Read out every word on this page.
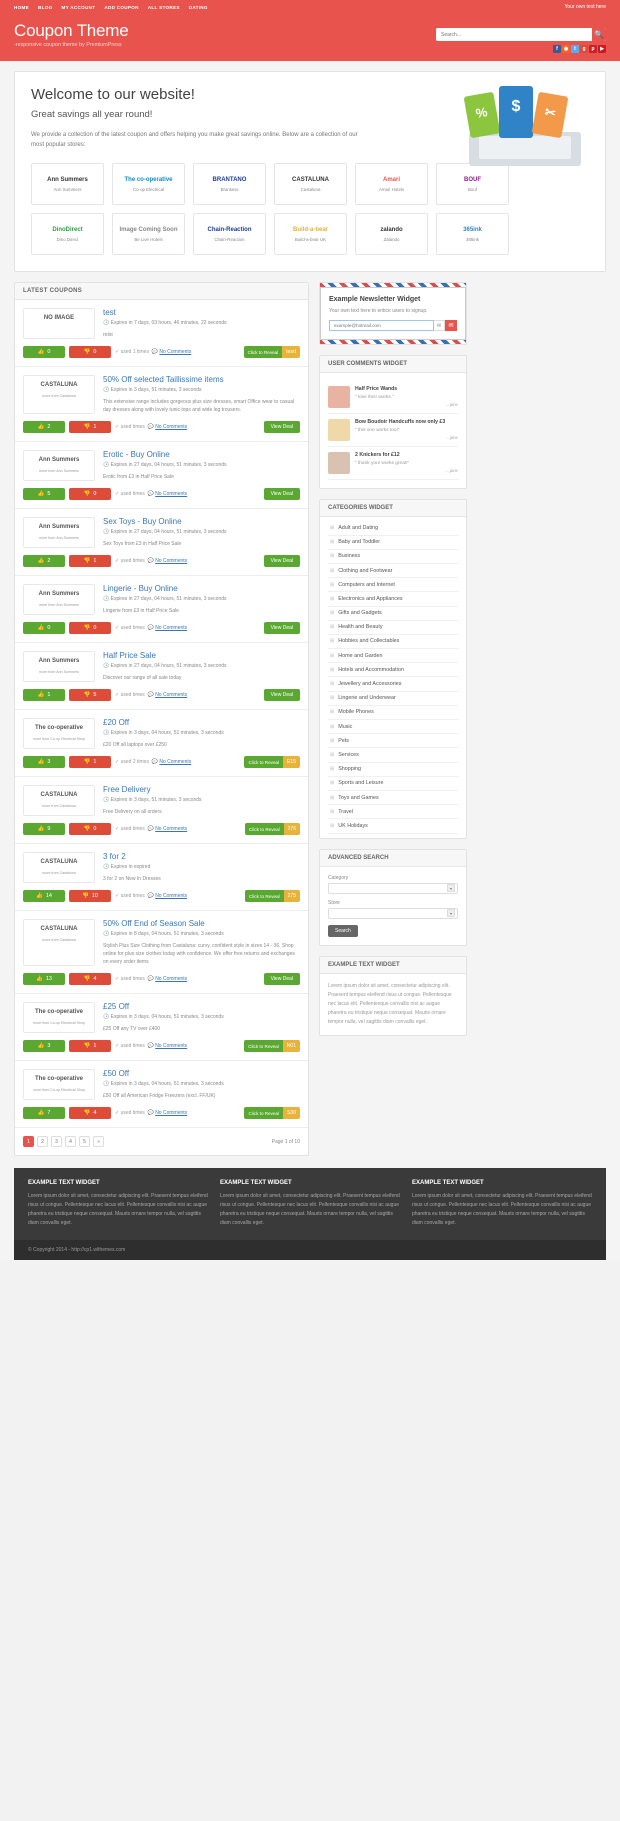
HOME BLOG MY ACCOUNT ADD COUPON ALL STORES DATING	Your own text here
Coupon Theme
-responsive coupon theme by PremiumPress
Search...
🔍
f	◉	t	g	p	▶
Welcome to our website!
Great savings all year round!

We provide a collection of the latest coupon and offers helping you make great savings online. Below are a collection of our most popular stores:

%	$	✂
Ann Summers
Ann Summers
The co-operative
Co-op Electrical
BRANTANO
Brantano
CASTALUNA
Castaluna
Amari
Amari Hotels
BOUF
Bouf
DinoDirect
Dino Direct
Image Coming Soon
Be Live Hotels
Chain-Reaction
Chain-Reaction
Build-a-bear
Build-a-bear UK
zalando
Zalando
365ink
365ink
LATEST COUPONS
NO IMAGE
test
🕓 Expires in 7 days, 03 hours, 46 minutes, 22 seconds
retst
👍 0	👎 0	✓ used 1 times  💬 No Comments	Click to Reveal	tesrt
CASTALUNA
more from Castaluna
50% Off selected Taillissime items
🕓 Expires in 3 days, 51 minutes, 3 seconds
This extensive range includes gorgeous plus size dresses, smart Office wear to casual day dresses along with lovely tunic tops and wide leg trousers.
👍 2	👎 1	✓ used times  💬 No Comments	View Deal
Ann Summers
more from Ann Summers
Erotic - Buy Online
🕓 Expires in 27 days, 04 hours, 51 minutes, 3 seconds
Erotic from £3 in Half Price Sale
👍 5	👎 0	✓ used times  💬 No Comments	View Deal
Ann Summers
more from Ann Summers
Sex Toys - Buy Online
🕓 Expires in 27 days, 04 hours, 51 minutes, 3 seconds
Sex Toys from £3 in Half Price Sale
👍 2	👎 1	✓ used times  💬 No Comments	View Deal
Ann Summers
more from Ann Summers
Lingerie - Buy Online
🕓 Expires in 27 days, 04 hours, 51 minutes, 3 seconds
Lingerie from £3 in Half Price Sale
👍 0	👎 0	✓ used times  💬 No Comments	View Deal
Ann Summers
more from Ann Summers
Half Price Sale
🕓 Expires in 27 days, 04 hours, 51 minutes, 3 seconds
Discover our range of all sale today
👍 1	👎 5	✓ used times  💬 No Comments	View Deal
The co-operative
more from Co-op Electrical Shop
£20 Off
🕓 Expires in 3 days, 04 hours, 51 minutes, 3 seconds
£20 Off all laptops over £250
👍 3	👎 1	✓ used 2 times  💬 No Comments	Click to Reveal	E15
CASTALUNA
more from Castaluna
Free Delivery
🕓 Expires in 3 days, 51 minutes, 3 seconds
Free Delivery on all orders
👍 9	👎 0	✓ used times  💬 No Comments	Click to Reveal	276
CASTALUNA
more from Castaluna
3 for 2
🕓 Expires in expired
3 for 2 on New In Dresses
👍 14	👎 10	✓ used times  💬 No Comments	Click to Reveal	275
CASTALUNA
more from Castaluna
50% Off End of Season Sale
🕓 Expires in 8 days, 04 hours, 51 minutes, 3 seconds
Stylish Plus Size Clothing from Castaluna: curvy, confident style in sizes 14 - 36. Shop online for plus size clothes today with confidence. We offer free returns and exchanges on every order items
👍 13	👎 4	✓ used times  💬 No Comments	View Deal
The co-operative
more from Co-op Electrical Shop
£25 Off
🕓 Expires in 3 days, 04 hours, 51 minutes, 3 seconds
£25 Off any TV over £400
👍 3	👎 1	✓ used times  💬 No Comments	Click to Reveal	N01
The co-operative
more from Co-op Electrical Shop
£50 Off
🕓 Expires in 3 days, 04 hours, 51 minutes, 3 seconds
£50 Off all American Fridge Freezers (excl. FF/UK)
👍 7	👎 4	✓ used times  💬 No Comments	Click to Reveal	S30
1	2	3	4	5	»	Page 1 of 10
Example Newsletter Widget

Your own text here to entice users to signup.

example@hotmail.com
✉	✉
USER COMMENTS WIDGET
Half Price Wands
“ love this! works.”
...jane
Bow Boudoir Handcuffs now only £3
“ this one works too!”
...jane
2 Knickers for £12
“ thank you! works great!”
...jane
CATEGORIES WIDGET
⊞ Adult and Dating
⊞ Baby and Toddler
⊞ Business
⊞ Clothing and Footwear
⊞ Computers and Internet
⊞ Electronics and Appliances
⊞ Gifts and Gadgets
⊞ Health and Beauty
⊞ Hobbies and Collectables
⊞ Home and Garden
⊞ Hotels and Accommodation
⊞ Jewellery and Accessories
⊞ Lingerie and Underwear
⊞ Mobile Phones
⊞ Music
⊞ Pets
⊞ Services
⊞ Shopping
⊞ Sports and Leisure
⊞ Toys and Games
⊞ Travel
⊞ UK Holidays
ADVANCED SEARCH
Category
▾
Store
▾
Search
EXAMPLE TEXT WIDGET

Lorem ipsum dolor sit amet, consectetur adipiscing elit. Praesent tempus eleifend risus ut congue. Pellentesque nec lacus elit. Pellentesque convallis nisi ac augue pharetra eu tristique neque consequat. Mauris ornare tempor nulla, vel sagittis diam convallis eget.

EXAMPLE TEXT WIDGET

Lorem ipsum dolor sit amet, consectetur adipiscing elit. Praesent tempus eleifend risus ut congue. Pellentesque nec lacus elit. Pellentesque convallis nisi ac augue pharetra eu tristique neque consequat. Mauris ornare tempor nulla, vel sagittis diam convallis eget.

EXAMPLE TEXT WIDGET

Lorem ipsum dolor sit amet, consectetur adipiscing elit. Praesent tempus eleifend risus ut congue. Pellentesque nec lacus elit. Pellentesque convallis nisi ac augue pharetra eu tristique neque consequat. Mauris ornare tempor nulla, vel sagittis diam convallis eget.

EXAMPLE TEXT WIDGET

Lorem ipsum dolor sit amet, consectetur adipiscing elit. Praesent tempus eleifend risus ut congue. Pellentesque nec lacus elit. Pellentesque convallis nisi ac augue pharetra eu tristique neque consequat. Mauris ornare tempor nulla, vel sagittis diam convallis eget.

© Copyright 2014 - http://cp1.wlthemes.com
